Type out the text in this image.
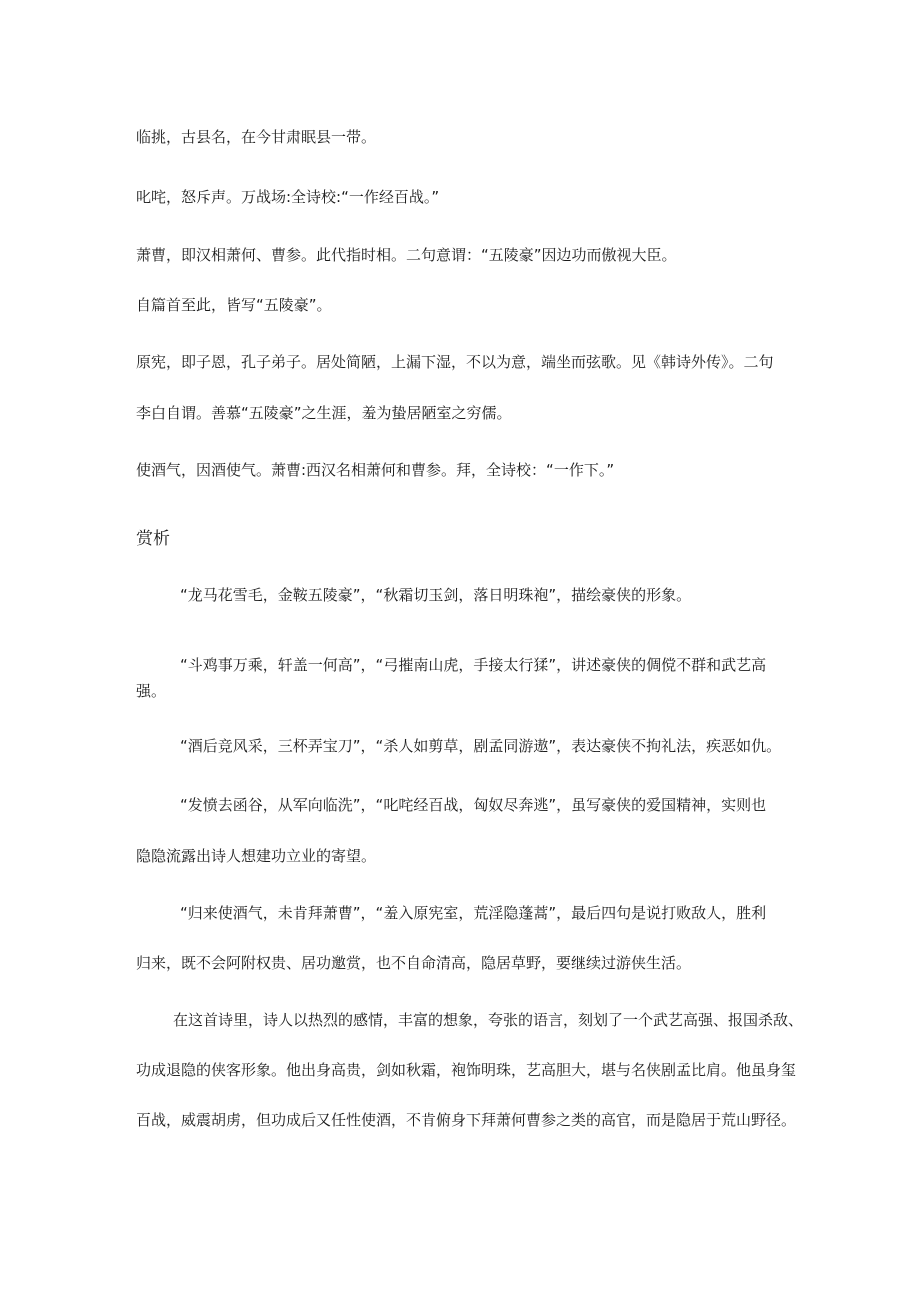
临挑，古县名，在今甘肃眠县一带。
叱咤，怒斥声。万战场:全诗校:“一作经百战。”
萧曹，即汉相萧何、曹参。此代指时相。二句意谓：“五陵豪”因边功而傲视大臣。
自篇首至此，皆写“五陵豪”。
原宪，即子恩，孔子弟子。居处简陋，上漏下湿，不以为意，端坐而弦歌。见《韩诗外传》。二句
李白自谓。善慕“五陵豪”之生涯，羞为蛰居陋室之穷儒。
使酒气，因酒使气。萧曹:西汉名相萧何和曹参。拜，全诗校：“一作下。”
赏析
“龙马花雪毛，金鞍五陵豪”，“秋霜切玉剑，落日明珠袍”，描绘豪侠的形象。
“斗鸡事万乘，轩盖一何高”，“弓摧南山虎，手接太行猱”，讲述豪侠的倜傥不群和武艺高
强。
“酒后竞风采，三杯弄宝刀”，“杀人如剪草，剧孟同游遨”，表达豪侠不拘礼法，疾恶如仇。
“发愤去函谷，从军向临洗”，“叱咤经百战，匈奴尽奔逃”，虽写豪侠的爱国精神，实则也
隐隐流露出诗人想建功立业的寄望。
“归来使酒气，未肯拜萧曹”，“羞入原宪室，荒淫隐蓬蒿”，最后四句是说打败敌人，胜利
归来，既不会阿附权贵、居功邀赏，也不自命清高，隐居草野，要继续过游侠生活。
在这首诗里，诗人以热烈的感情，丰富的想象，夸张的语言，刻划了一个武艺高强、报国杀敌、
功成退隐的侠客形象。他出身高贵，剑如秋霜，袍饰明珠，艺高胆大，堪与名侠剧孟比肩。他虽身玺
百战，威震胡虏，但功成后又任性使酒，不肯俯身下拜萧何曹参之类的高官，而是隐居于荒山野径。
